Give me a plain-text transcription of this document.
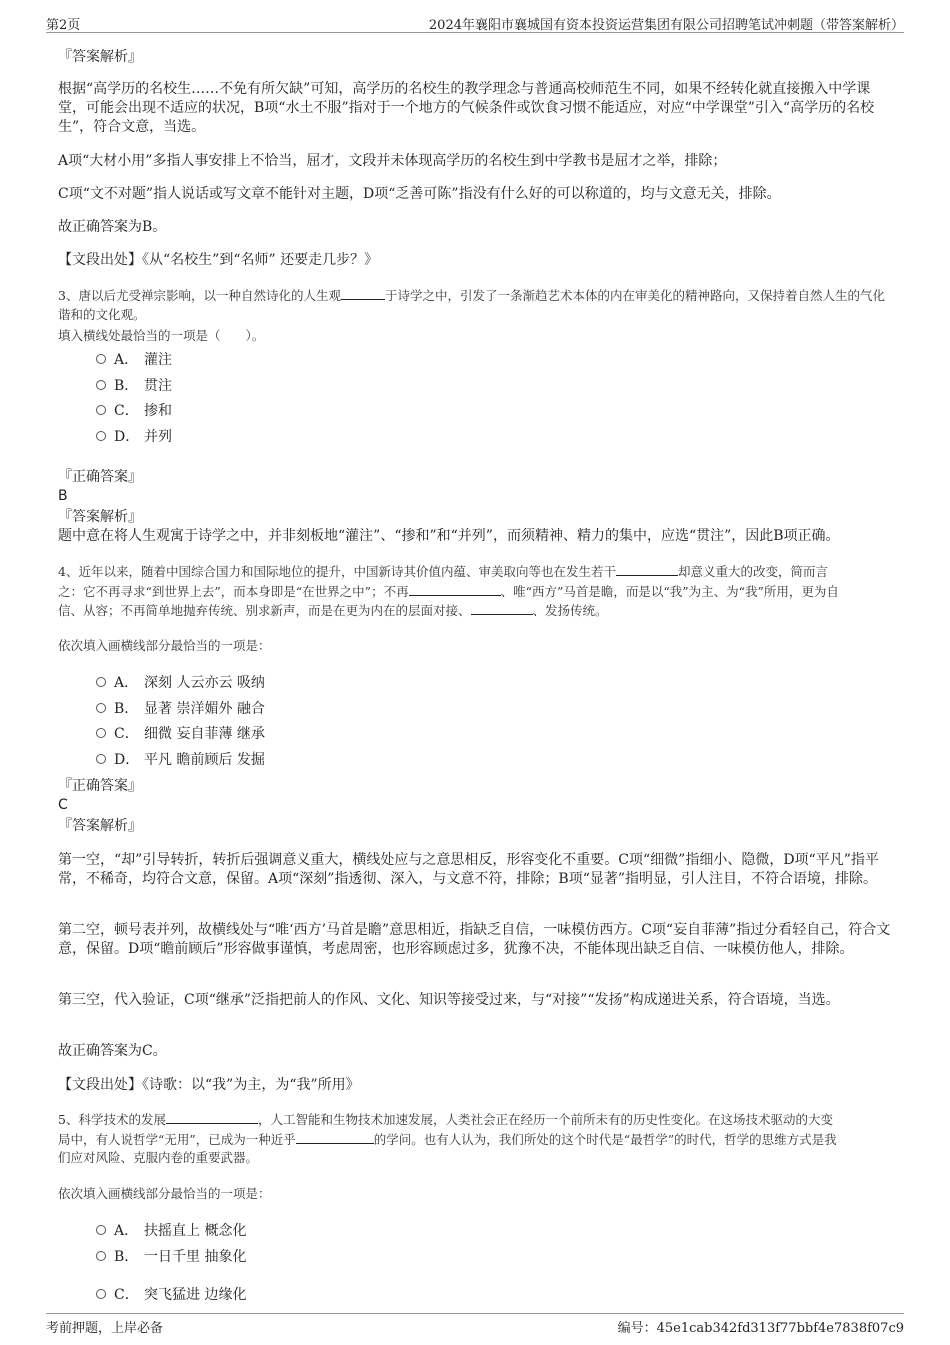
第2页	2024年襄阳市襄城国有资本投资运营集团有限公司招聘笔试冲刺题（带答案解析）
『答案解析』
根据“高学历的名校生……不免有所欠缺”可知，高学历的名校生的教学理念与普通高校师范生不同，如果不经转化就直接搬入中学课堂，可能会出现不适应的状况，B项“水土不服”指对于一个地方的气候条件或饮食习惯不能适应，对应“中学课堂”引入“高学历的名校生”，符合文意，当选。
A项“大材小用”多指人事安排上不恰当，屈才，文段并未体现高学历的名校生到中学教书是屈才之举，排除；
C项“文不对题”指人说话或写文章不能针对主题，D项“乏善可陈”指没有什么好的可以称道的，均与文意无关，排除。
故正确答案为B。
【文段出处】《从“名校生”到“名师” 还要走几步？》
3、唐以后尤受禅宗影响，以一种自然诗化的人生观	于诗学之中，引发了一条渐趋艺术本体的内在审美化的精神路向，又保持着自然人生的气化谐和的文化观。
填入横线处最恰当的一项是（　　）。
A． 灌注
B． 贯注
C． 掺和
D． 并列
『正确答案』
B
『答案解析』
题中意在将人生观寓于诗学之中，并非刻板地“灌注”、“掺和”和“并列”，而须精神、精力的集中，应选“贯注”，因此B项正确。
4、近年以来，随着中国综合国力和国际地位的提升，中国新诗其价值内蕴、审美取向等也在发生若干	却意义重大的改变，简而言
之：它不再寻求“到世界上去”，而本身即是“在世界之中”；不再	、唯“西方”马首是瞻，而是以“我”为主、为“我”所用，更为自
信、从容；不再简单地抛弃传统、别求新声，而是在更为内在的层面对接、	、发扬传统。
依次填入画横线部分最恰当的一项是：
A． 深刻 人云亦云 吸纳
B． 显著 崇洋媚外 融合
C． 细微 妄自菲薄 继承
D． 平凡 瞻前顾后 发掘
『正确答案』
C
『答案解析』
第一空，“却”引导转折，转折后强调意义重大，横线处应与之意思相反，形容变化不重要。C项“细微”指细小、隐微，D项“平凡”指平常，不稀奇，均符合文意，保留。A项“深刻”指透彻、深入，与文意不符，排除；B项“显著”指明显，引人注目，不符合语境，排除。
第二空，顿号表并列，故横线处与“唯‘西方’马首是瞻”意思相近，指缺乏自信，一味模仿西方。C项“妄自菲薄”指过分看轻自己，符合文意，保留。D项“瞻前顾后”形容做事谨慎，考虑周密，也形容顾虑过多，犹豫不决，不能体现出缺乏自信、一味模仿他人，排除。
第三空，代入验证，C项“继承”泛指把前人的作风、文化、知识等接受过来，与“对接”“发扬”构成递进关系，符合语境，当选。
故正确答案为C。
【文段出处】《诗歌：以“我”为主，为“我”所用》
5、科学技术的发展	，人工智能和生物技术加速发展，人类社会正在经历一个前所未有的历史性变化。在这场技术驱动的大变
局中，有人说哲学“无用”，已成为一种近乎	的学问。也有人认为，我们所处的这个时代是“最哲学”的时代，哲学的思维方式是我
们应对风险、克服内卷的重要武器。
依次填入画横线部分最恰当的一项是：
A． 扶摇直上 概念化
B． 一日千里 抽象化
C． 突飞猛进 边缘化
考前押题，上岸必备	编号：45e1cab342fd313f77bbf4e7838f07c9
